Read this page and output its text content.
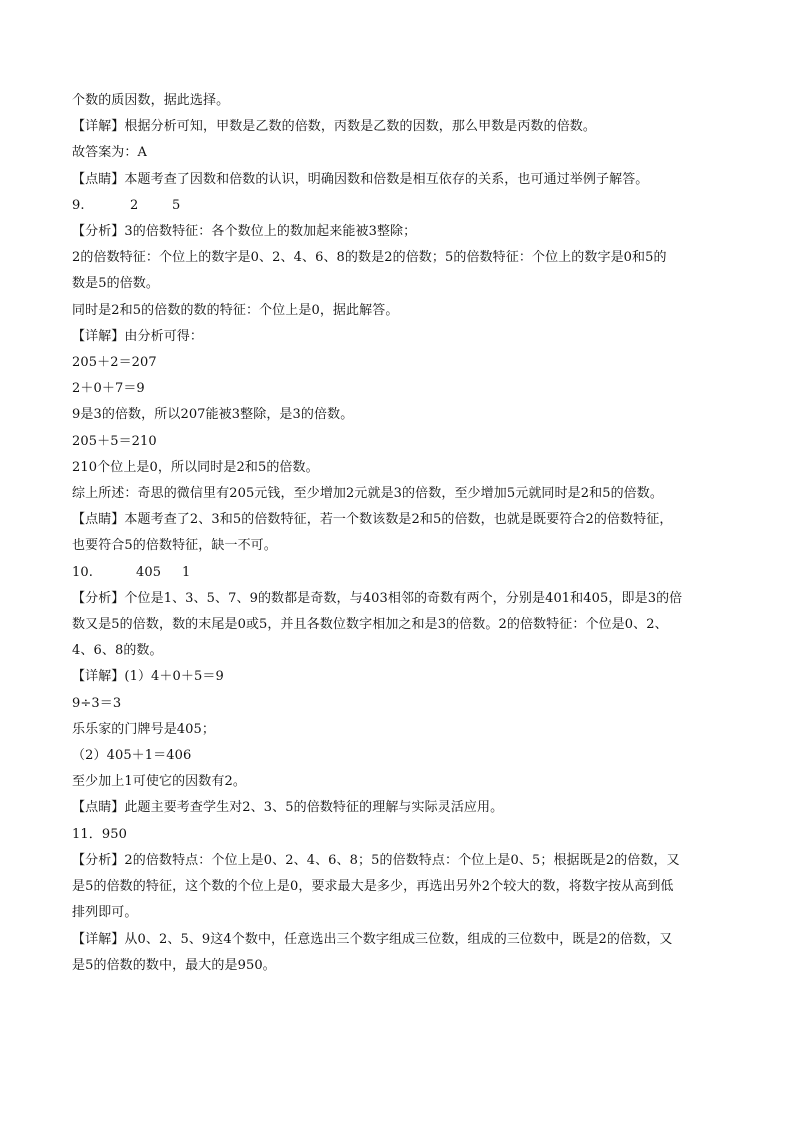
个数的质因数，据此选择。
【详解】根据分析可知，甲数是乙数的倍数，丙数是乙数的因数，那么甲数是丙数的倍数。
故答案为：A
【点睛】本题考查了因数和倍数的认识，明确因数和倍数是相互依存的关系，也可通过举例子解答。
9.	2	5
【分析】3的倍数特征：各个数位上的数加起来能被3整除；
2的倍数特征：个位上的数字是0、2、4、6、8的数是2的倍数；5的倍数特征：个位上的数字是0和5的
数是5的倍数。
同时是2和5的倍数的数的特征：个位上是0，据此解答。
【详解】由分析可得：
205＋2＝207
2＋0＋7＝9
9是3的倍数，所以207能被3整除，是3的倍数。
205＋5＝210
210个位上是0，所以同时是2和5的倍数。
综上所述：奇思的微信里有205元钱，至少增加2元就是3的倍数，至少增加5元就同时是2和5的倍数。
【点睛】本题考查了2、3和5的倍数特征，若一个数该数是2和5的倍数，也就是既要符合2的倍数特征，
也要符合5的倍数特征，缺一不可。
10.	405 1
【分析】个位是1、3、5、7、9的数都是奇数，与403相邻的奇数有两个，分别是401和405，即是3的倍
数又是5的倍数，数的末尾是0或5，并且各数位数字相加之和是3的倍数。2的倍数特征：个位是0、2、
4、6、8的数。
【详解】(1）4＋0＋5＝9
9÷3＝3
乐乐家的门牌号是405；
（2）405＋1＝406
至少加上1可使它的因数有2。
【点睛】此题主要考查学生对2、3、5的倍数特征的理解与实际灵活应用。
11．950
【分析】2的倍数特点：个位上是0、2、4、6、8；5的倍数特点：个位上是0、5；根据既是2的倍数，又
是5的倍数的特征，这个数的个位上是0，要求最大是多少，再选出另外2个较大的数，将数字按从高到低
排列即可。
【详解】从0、2、5、9这4个数中，任意选出三个数字组成三位数，组成的三位数中，既是2的倍数，又
是5的倍数的数中，最大的是950。
